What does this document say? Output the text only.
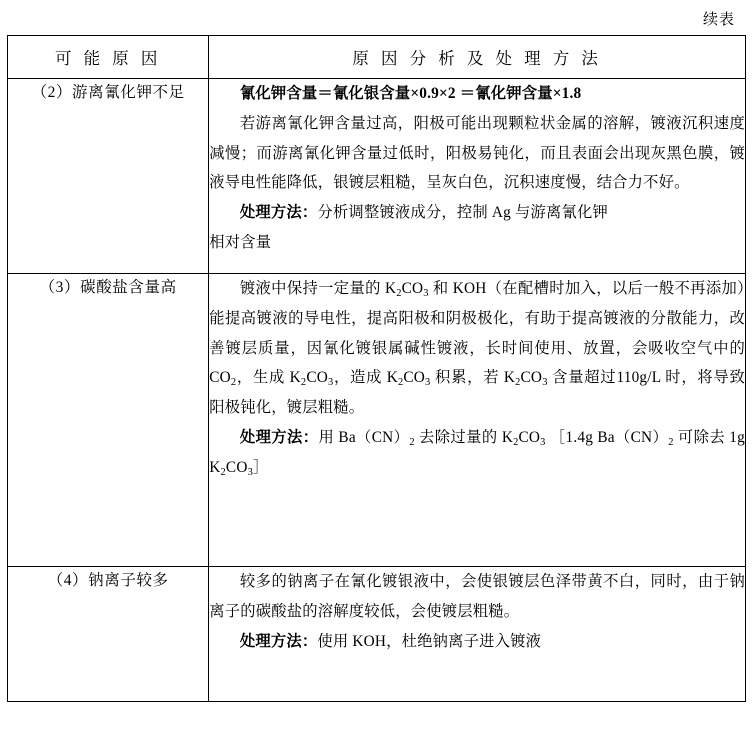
续表
可 能 原 因	原 因 分 析 及 处 理 方 法
（2）游离氰化钾不足	氰化钾含量＝氰化银含量×0.9×2 ＝氰化钾含量×1.8

若游离氰化钾含量过高，阳极可能出现颗粒状金属的溶解，镀液沉积速度减慢；而游离氰化钾含量过低时，阳极易钝化，而且表面会出现灰黑色膜，镀液导电性能降低，银镀层粗糙，呈灰白色，沉积速度慢，结合力不好。

处理方法：分析调整镀液成分，控制 Ag 与游离氰化钾

相对含量

（3）碳酸盐含量高	镀液中保持一定量的 $K_2CO_3$ 和 KOH（在配槽时加入，以后一般不再添加）能提高镀液的导电性，提高阳极和阴极极化，有助于提高镀液的分散能力，改善镀层质量，因氰化镀银属碱性镀液，长时间使用、放置，会吸收空气中的$CO_2$，生成 $K_2CO_3$，造成 $K_2CO_3$ 积累，若 $K_2CO_3$ 含量超过110g/L 时，将导致阳极钝化，镀层粗糙。

处理方法：用 $Ba(CN)_2$ 去除过量的 $K_2CO_3$ ［1.4g $Ba(CN)_2$ 可除去 1g $K_2CO_3]$

（4）钠离子较多	较多的钠离子在氰化镀银液中，会使银镀层色泽带黄不白，同时，由于钠离子的碳酸盐的溶解度较低，会使镀层粗糙。

处理方法：使用 KOH，杜绝钠离子进入镀液
